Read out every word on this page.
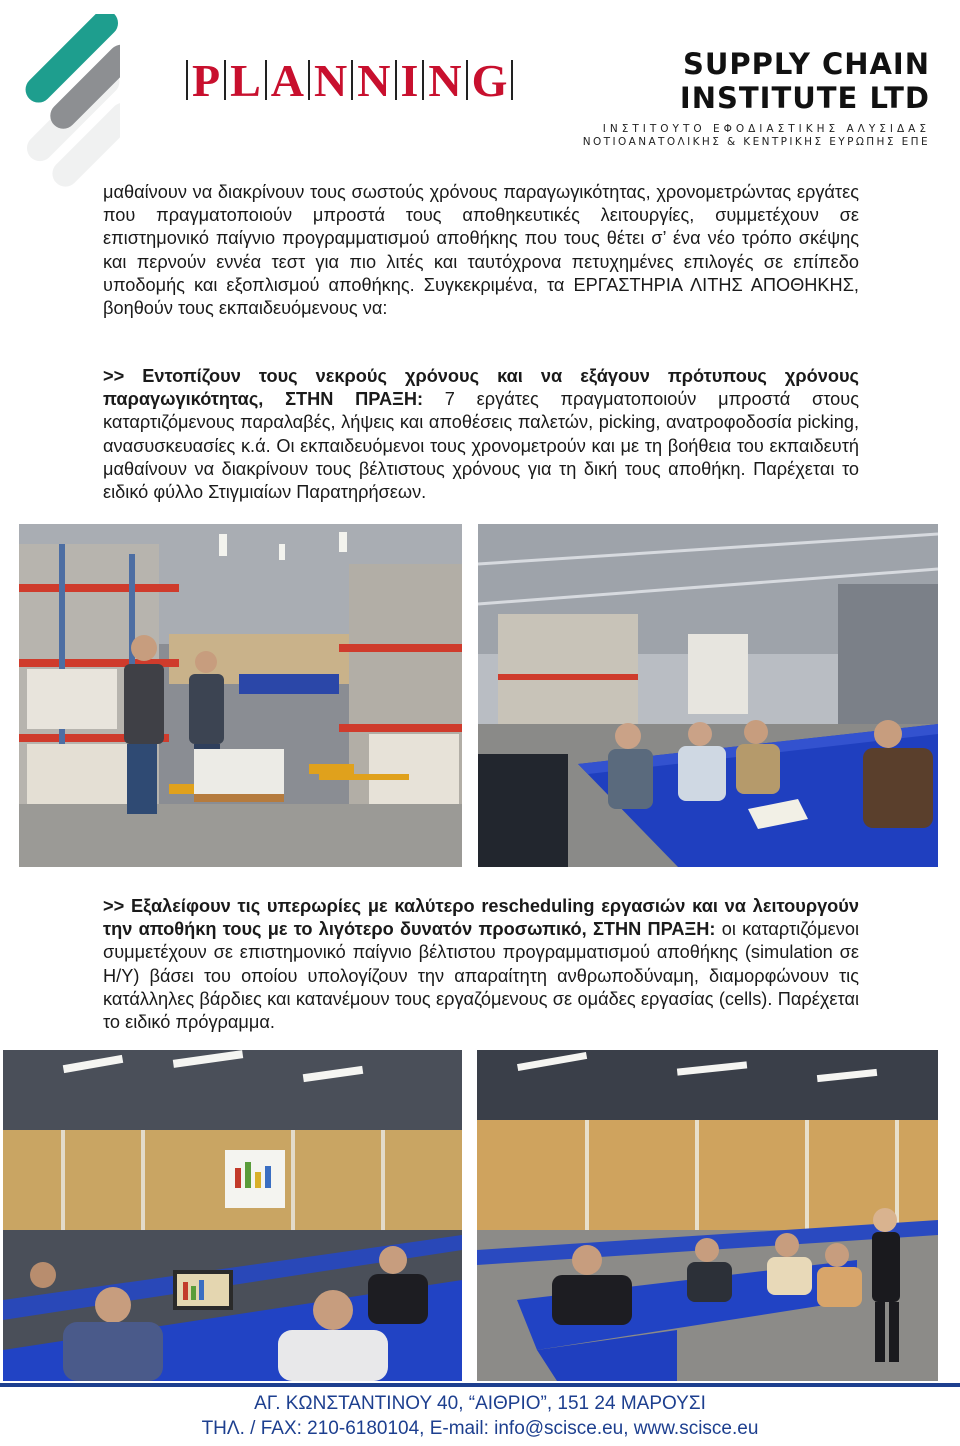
P L A N N I N G	SUPPLY CHAIN
INSTITUTE LTD
ΙΝΣΤΙΤΟΥΤΟ ΕΦΟΔΙΑΣΤΙΚΗΣ ΑΛΥΣΙΔΑΣ
ΝΟΤΙΟΑΝΑΤΟΛΙΚΗΣ & ΚΕΝΤΡΙΚΗΣ ΕΥΡΩΠΗΣ ΕΠΕ

μαθαίνουν να διακρίνουν τους σωστούς χρόνους παραγωγικότητας, χρονομετρώντας εργάτες που πραγματοποιούν μπροστά τους αποθηκευτικές λειτουργίες, συμμετέχουν σε επιστημονικό παίγνιο προγραμματισμού αποθήκης που τους θέτει σ’ ένα νέο τρόπο σκέψης και περνούν εννέα τεστ για πιο λιτές και ταυτόχρονα πετυχημένες επιλογές σε επίπεδο υποδομής και εξοπλισμού αποθήκης. Συγκεκριμένα, τα ΕΡΓΑΣΤΗΡΙΑ ΛΙΤΗΣ ΑΠΟΘΗΚΗΣ, βοηθούν τους εκπαιδευόμενους να:

>> Εντοπίζουν τους νεκρούς χρόνους και να εξάγουν πρότυπους χρόνους παραγωγικότητας, ΣΤΗΝ ΠΡΑΞΗ: 7 εργάτες πραγματοποιούν μπροστά στους καταρτιζόμενους παραλαβές, λήψεις και αποθέσεις παλετών, picking, ανατροφοδοσία picking, ανασυσκευασίες κ.ά. Οι εκπαιδευόμενοι τους χρονομετρούν και με τη βοήθεια του εκπαιδευτή μαθαίνουν να διακρίνουν τους βέλτιστους χρόνους για τη δική τους αποθήκη. Παρέχεται το ειδικό φύλλο Στιγμιαίων Παρατηρήσεων.

>> Εξαλείφουν τις υπερωρίες με καλύτερο rescheduling εργασιών και να λειτουργούν την αποθήκη τους με το λιγότερο δυνατόν προσωπικό, ΣΤΗΝ ΠΡΑΞΗ: οι καταρτιζόμενοι συμμετέχουν σε επιστημονικό παίγνιο βέλτιστου προγραμματισμού αποθήκης (simulation σε Η/Υ) βάσει του οποίου υπολογίζουν την απαραίτητη ανθρωποδύναμη, διαμορφώνουν τις κατάλληλες βάρδιες και κατανέμουν τους εργαζόμενους σε ομάδες εργασίας (cells). Παρέχεται το ειδικό πρόγραμμα.

ΑΓ. ΚΩΝΣΤΑΝΤΙΝΟΥ 40, “ΑΙΘΡΙΟ”, 151 24 ΜΑΡΟΥΣΙ
ΤΗΛ. / FAX: 210-6180104, E-mail: info@scisce.eu, www.scisce.eu
